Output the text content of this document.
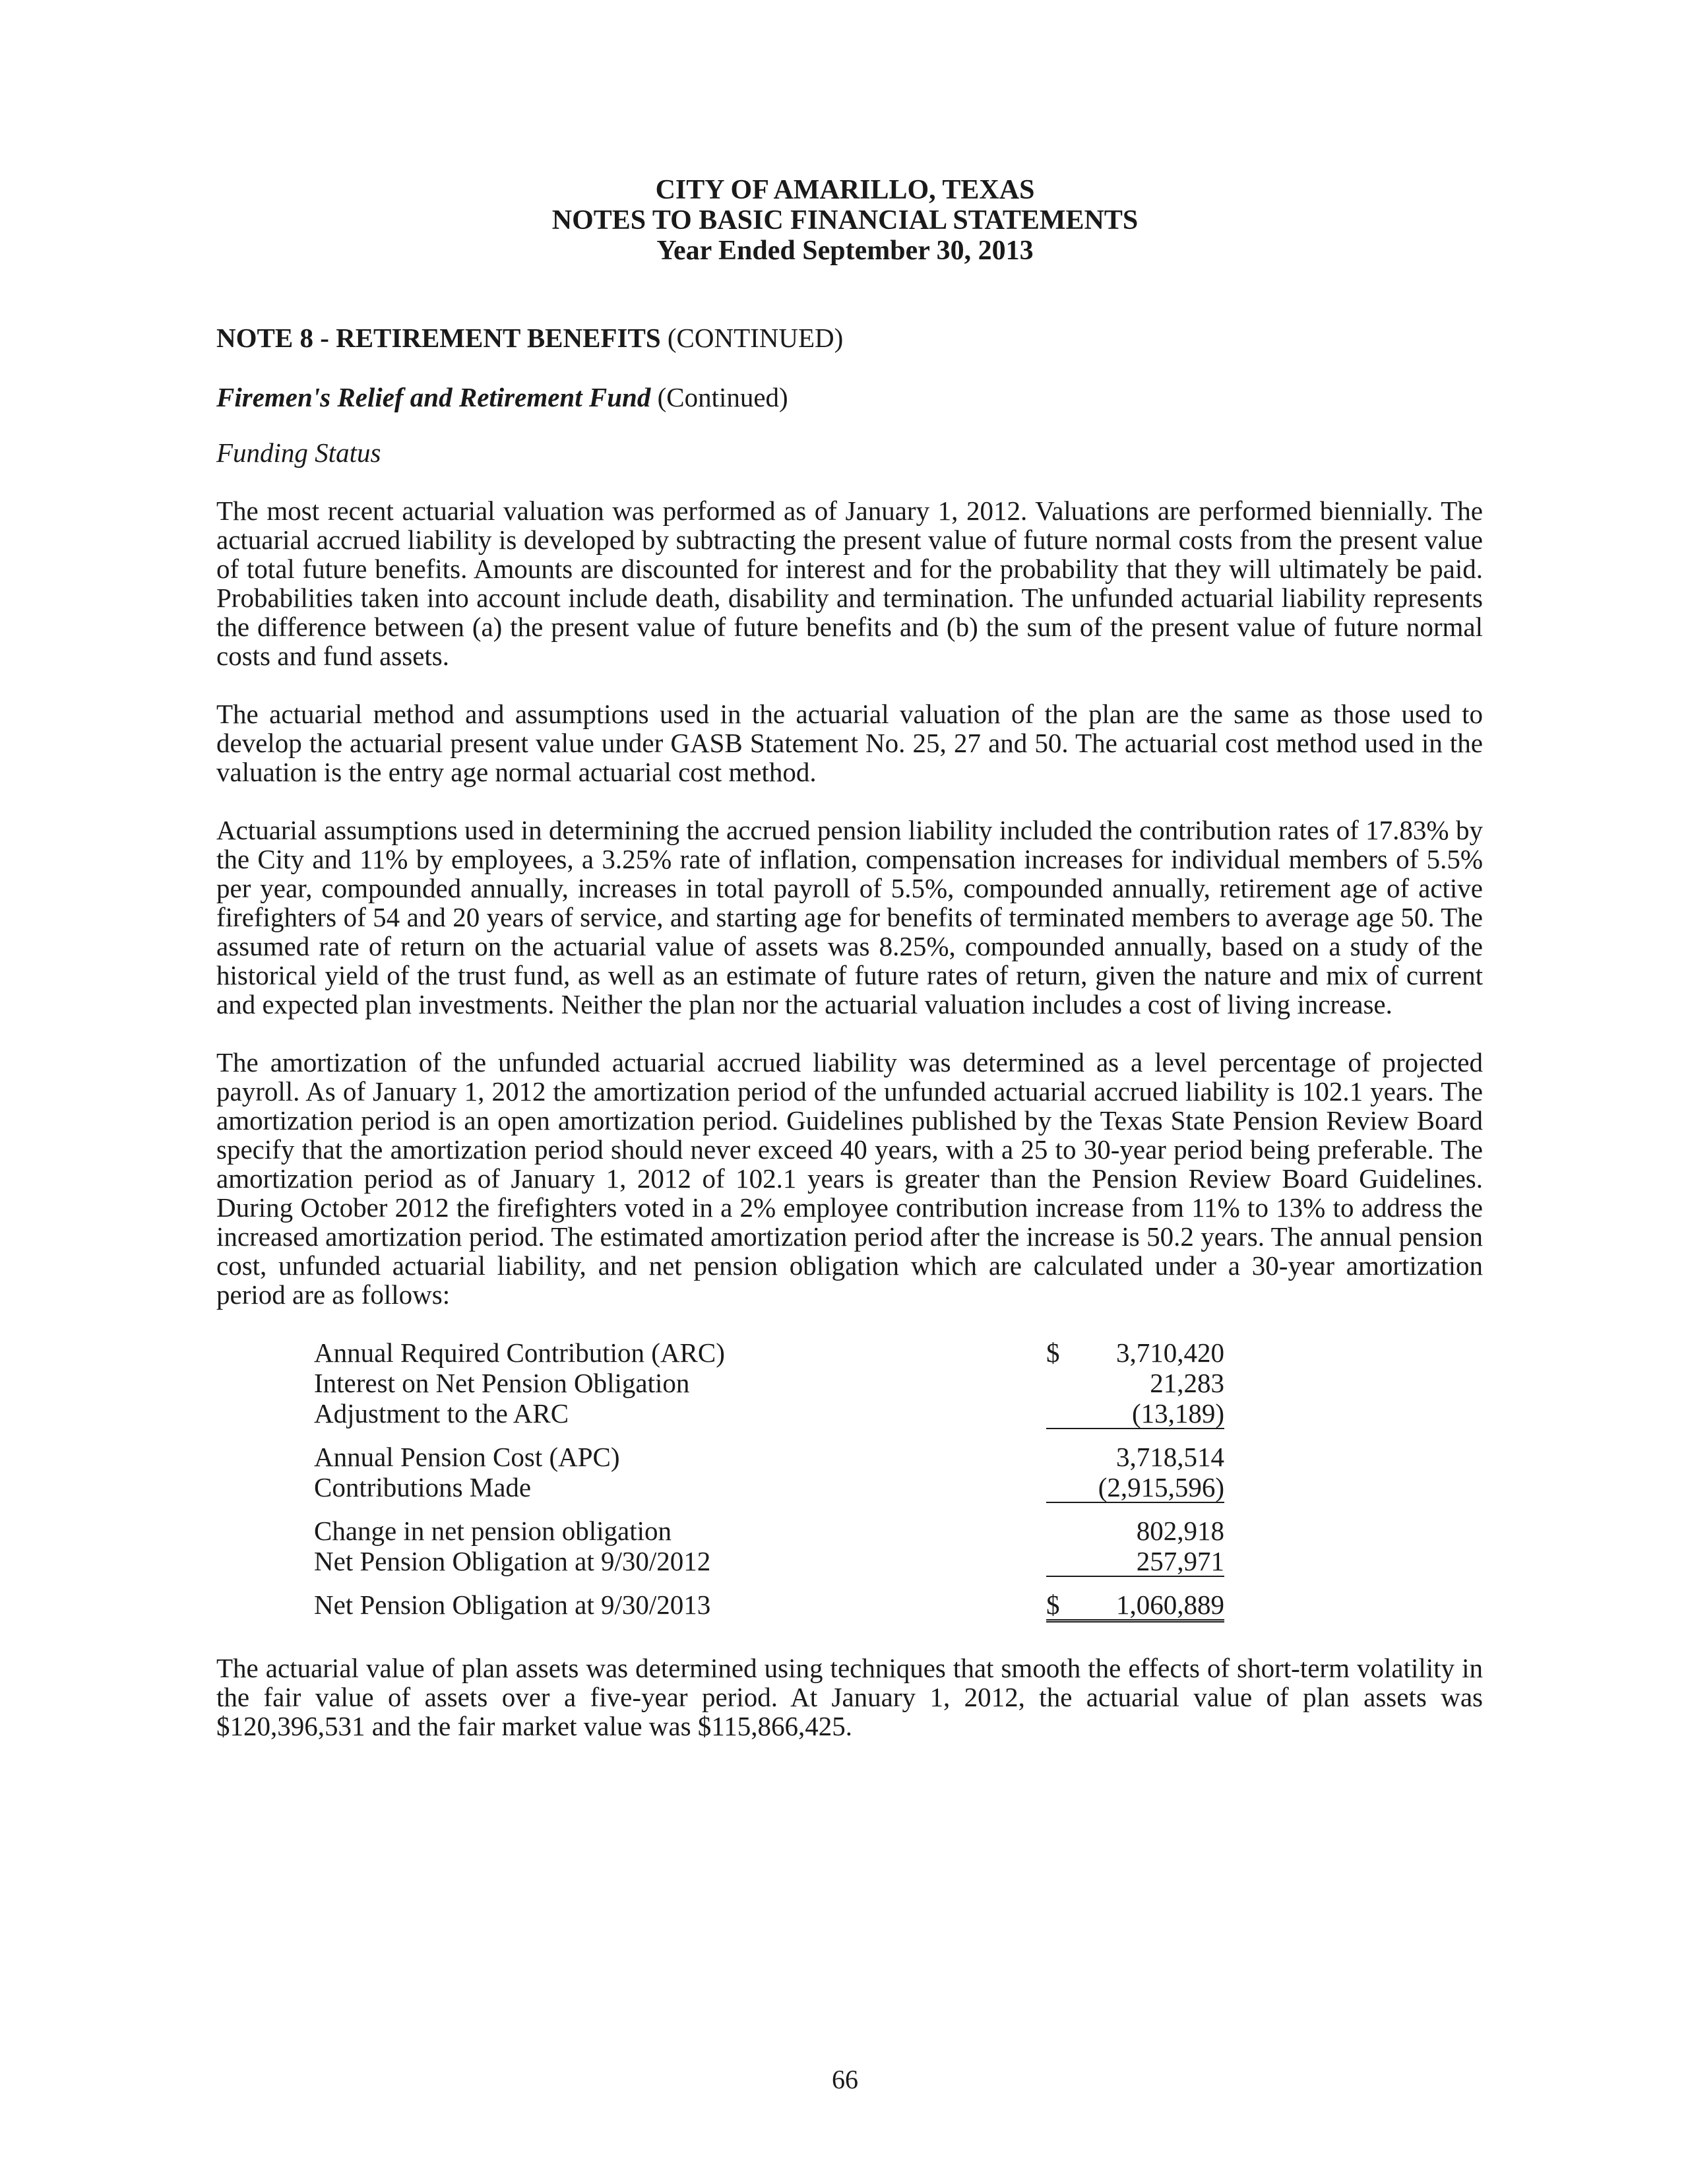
CITY OF AMARILLO, TEXAS
NOTES TO BASIC FINANCIAL STATEMENTS
Year Ended September 30, 2013

NOTE 8 - RETIREMENT BENEFITS (CONTINUED)

Firemen's Relief and Retirement Fund (Continued)

Funding Status

The most recent actuarial valuation was performed as of January 1, 2012. Valuations are performed biennially. The actuarial accrued liability is developed by subtracting the present value of future normal costs from the present value of total future benefits. Amounts are discounted for interest and for the probability that they will ultimately be paid. Probabilities taken into account include death, disability and termination. The unfunded actuarial liability represents the difference between (a) the present value of future benefits and (b) the sum of the present value of future normal costs and fund assets.

The actuarial method and assumptions used in the actuarial valuation of the plan are the same as those used to develop the actuarial present value under GASB Statement No. 25, 27 and 50. The actuarial cost method used in the valuation is the entry age normal actuarial cost method.

Actuarial assumptions used in determining the accrued pension liability included the contribution rates of 17.83% by the City and 11% by employees, a 3.25% rate of inflation, compensation increases for individual members of 5.5% per year, compounded annually, increases in total payroll of 5.5%, compounded annually, retirement age of active firefighters of 54 and 20 years of service, and starting age for benefits of terminated members to average age 50. The assumed rate of return on the actuarial value of assets was 8.25%, compounded annually, based on a study of the historical yield of the trust fund, as well as an estimate of future rates of return, given the nature and mix of current and expected plan investments. Neither the plan nor the actuarial valuation includes a cost of living increase.

The amortization of the unfunded actuarial accrued liability was determined as a level percentage of projected payroll. As of January 1, 2012 the amortization period of the unfunded actuarial accrued liability is 102.1 years. The amortization period is an open amortization period. Guidelines published by the Texas State Pension Review Board specify that the amortization period should never exceed 40 years, with a 25 to 30-year period being preferable. The amortization period as of January 1, 2012 of 102.1 years is greater than the Pension Review Board Guidelines. During October 2012 the firefighters voted in a 2% employee contribution increase from 11% to 13% to address the increased amortization period. The estimated amortization period after the increase is 50.2 years. The annual pension cost, unfunded actuarial liability, and net pension obligation which are calculated under a 30-year amortization period are as follows:

Annual Required Contribution (ARC)	$ 3,710,420
Interest on Net Pension Obligation	21,283
Adjustment to the ARC	(13,189)
Annual Pension Cost (APC)	3,718,514
Contributions Made	(2,915,596)
Change in net pension obligation	802,918
Net Pension Obligation at 9/30/2012	257,971
Net Pension Obligation at 9/30/2013	$ 1,060,889

The actuarial value of plan assets was determined using techniques that smooth the effects of short-term volatility in the fair value of assets over a five-year period. At January 1, 2012, the actuarial value of plan assets was $120,396,531 and the fair market value was $115,866,425.

66
